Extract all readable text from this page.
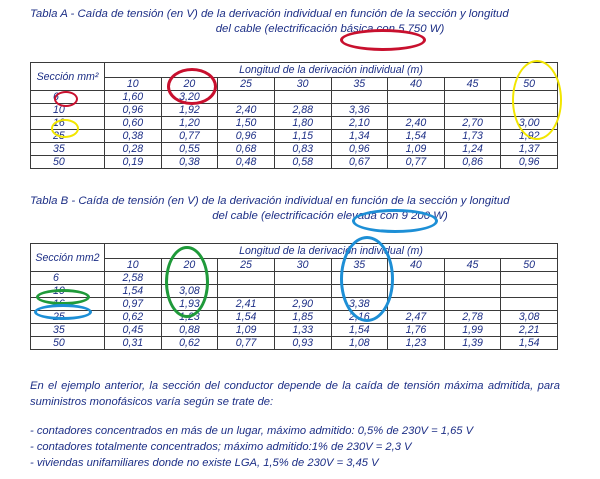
Tabla A - Caída de tensión (en V) de la derivación individual en función de la sección y longitud
del cable (electrificación básica con 5 750 W)
Sección mm²	Longitud de la derivación individual (m)							
	10	20	25	30	35	40	45	50
6	1,60	3,20						
10	0,96	1,92	2,40	2,88	3,36			
16	0,60	1,20	1,50	1,80	2,10	2,40	2,70	3,00
25	0,38	0,77	0,96	1,15	1,34	1,54	1,73	1,92
35	0,28	0,55	0,68	0,83	0,96	1,09	1,24	1,37
50	0,19	0,38	0,48	0,58	0,67	0,77	0,86	0,96
Tabla B - Caída de tensión (en V) de la derivación individual en función de la sección y longitud
del cable (electrificación elevada con 9 200 W)
Sección mm2	Longitud de la derivación individual (m)							
	10	20	25	30	35	40	45	50
6	2,58							
10	1,54	3,08						
16	0,97	1,93	2,41	2,90	3,38			
25	0,62	1,23	1,54	1,85	2,16	2,47	2,78	3,08
35	0,45	0,88	1,09	1,33	1,54	1,76	1,99	2,21
50	0,31	0,62	0,77	0,93	1,08	1,23	1,39	1,54
En el ejemplo anterior, la sección del conductor depende de la caída de tensión máxima admitida, para suministros monofásicos varía según se trate de:
- contadores concentrados en más de un lugar, máximo admitido: 0,5% de 230V = 1,65 V
- contadores totalmente concentrados; máximo admitido:1% de 230V = 2,3 V
- viviendas unifamiliares donde no existe LGA, 1,5% de 230V = 3,45 V
